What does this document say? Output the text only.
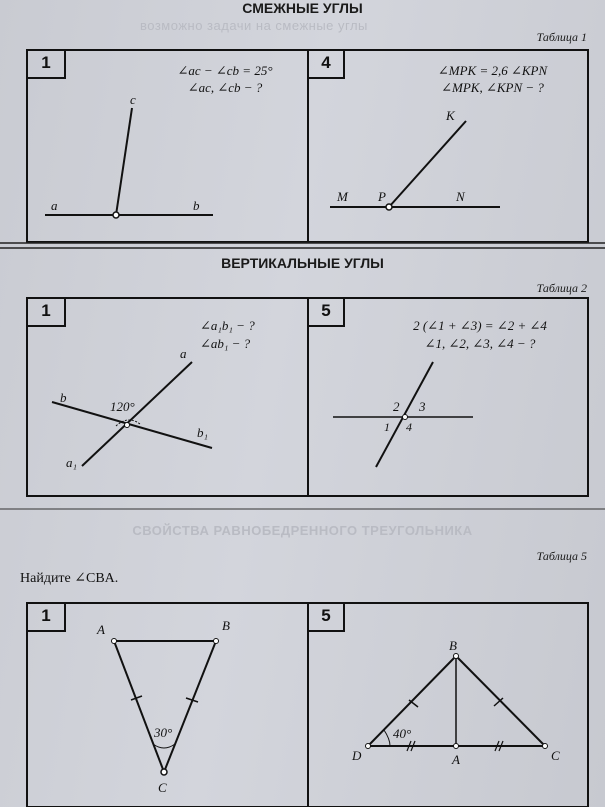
СМЕЖНЫЕ УГЛЫ
возможно задачи на смежные углы
Таблица 1
a	b
c
M P	N
K
1	4
∠ac − ∠cb = 25°
∠ac, ∠cb − ?
∠MPK = 2,6 ∠KPN
∠MPK, ∠KPN − ?
ВЕРТИКАЛЬНЫЕ УГЛЫ
Таблица 2
a
b
b₁
a₁
120°	2 3
1 4
1	5
∠a₁b₁ − ?
∠ab₁ − ?
2 (∠1 + ∠3) = ∠2 + ∠4
∠1, ∠2, ∠3, ∠4 − ?
СВОЙСТВА РАВНОБЕДРЕННОГО ТРЕУГОЛЬНИКА
Таблица 5
Найдите ∠CBA.
A	B
C
30°
B
D	A	C
40°
1	5
